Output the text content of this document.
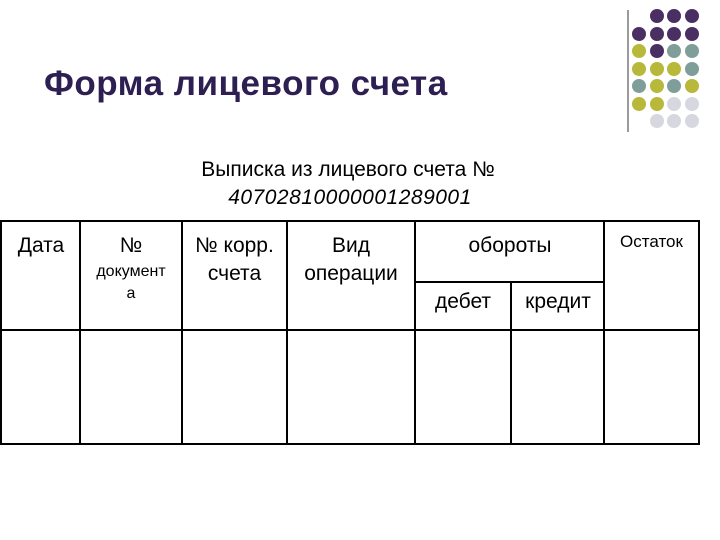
Форма лицевого счета
Выписка из лицевого счета №
40702810000001289001
Дата	№
документ
а
№ корр.
счета
Вид
операции
обороты
дебет	кредит
Остаток
